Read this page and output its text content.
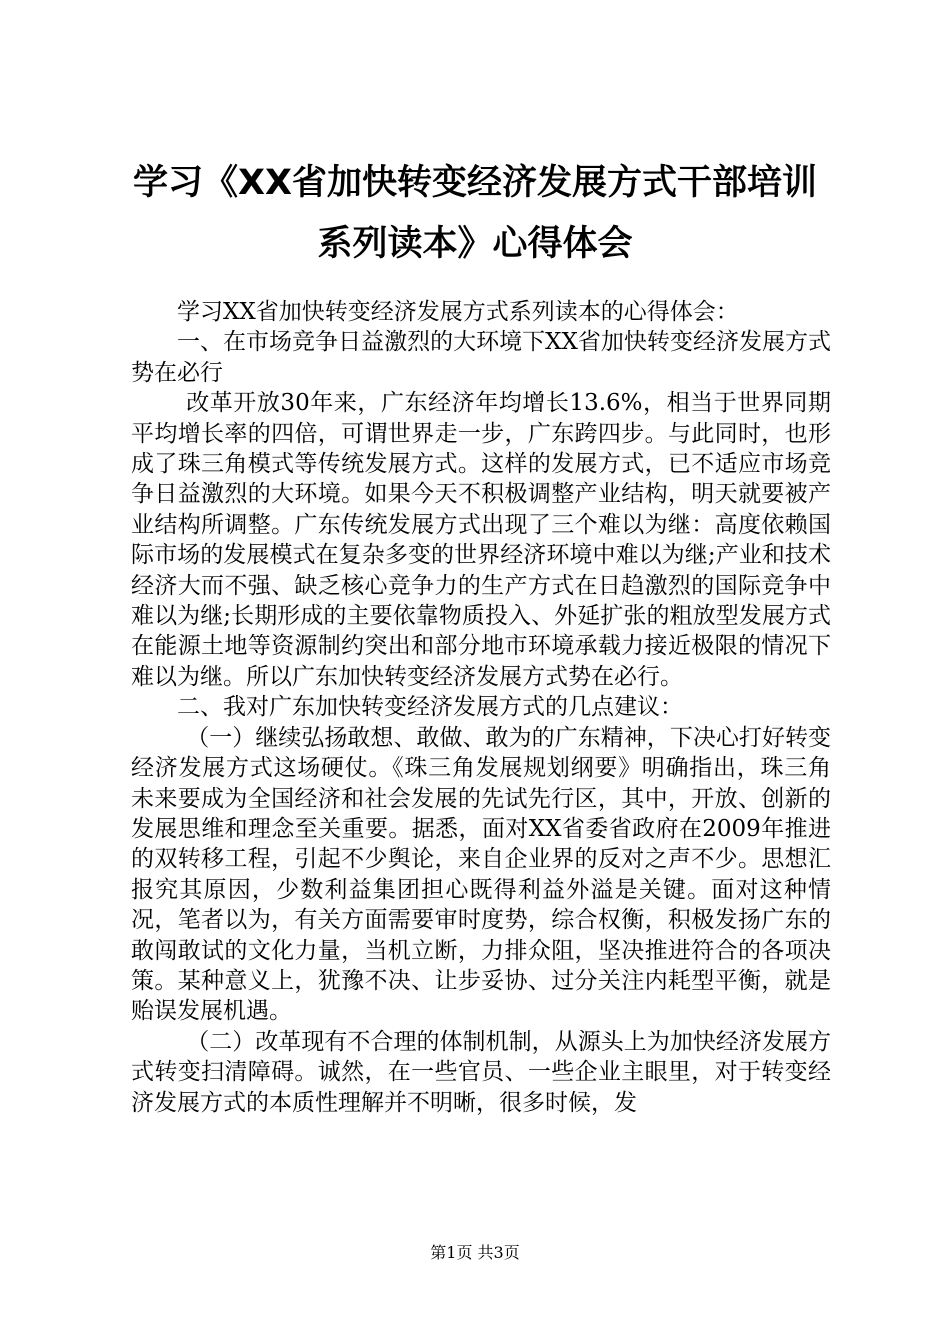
学习《XX省加快转变经济发展方式干部培训
系列读本》心得体会

学习XX省加快转变经济发展方式系列读本的心得体会：

一、在市场竞争日益激烈的大环境下XX省加快转变经济发展方式势在必行

改革开放30年来，广东经济年均增长13.6%，相当于世界同期平均增长率的四倍，可谓世界走一步，广东跨四步。与此同时，也形成了珠三角模式等传统发展方式。这样的发展方式，已不适应市场竞争日益激烈的大环境。如果今天不积极调整产业结构，明天就要被产业结构所调整。广东传统发展方式出现了三个难以为继：高度依赖国际市场的发展模式在复杂多变的世界经济环境中难以为继;产业和技术经济大而不强、缺乏核心竞争力的生产方式在日趋激烈的国际竞争中难以为继;长期形成的主要依靠物质投入、外延扩张的粗放型发展方式在能源土地等资源制约突出和部分地市环境承载力接近极限的情况下难以为继。所以广东加快转变经济发展方式势在必行。

二、我对广东加快转变经济发展方式的几点建议：

（一）继续弘扬敢想、敢做、敢为的广东精神，下决心打好转变经济发展方式这场硬仗。《珠三角发展规划纲要》明确指出，珠三角未来要成为全国经济和社会发展的先试先行区，其中，开放、创新的发展思维和理念至关重要。据悉，面对XX省委省政府在2009年推进的双转移工程，引起不少舆论，来自企业界的反对之声不少。思想汇报究其原因，少数利益集团担心既得利益外溢是关键。面对这种情况，笔者以为，有关方面需要审时度势，综合权衡，积极发扬广东的敢闯敢试的文化力量，当机立断，力排众阻，坚决推进符合的各项决策。某种意义上，犹豫不决、让步妥协、过分关注内耗型平衡，就是贻误发展机遇。

（二）改革现有不合理的体制机制，从源头上为加快经济发展方式转变扫清障碍。诚然，在一些官员、一些企业主眼里，对于转变经济发展方式的本质性理解并不明晰，很多时候，发

第1页 共3页
